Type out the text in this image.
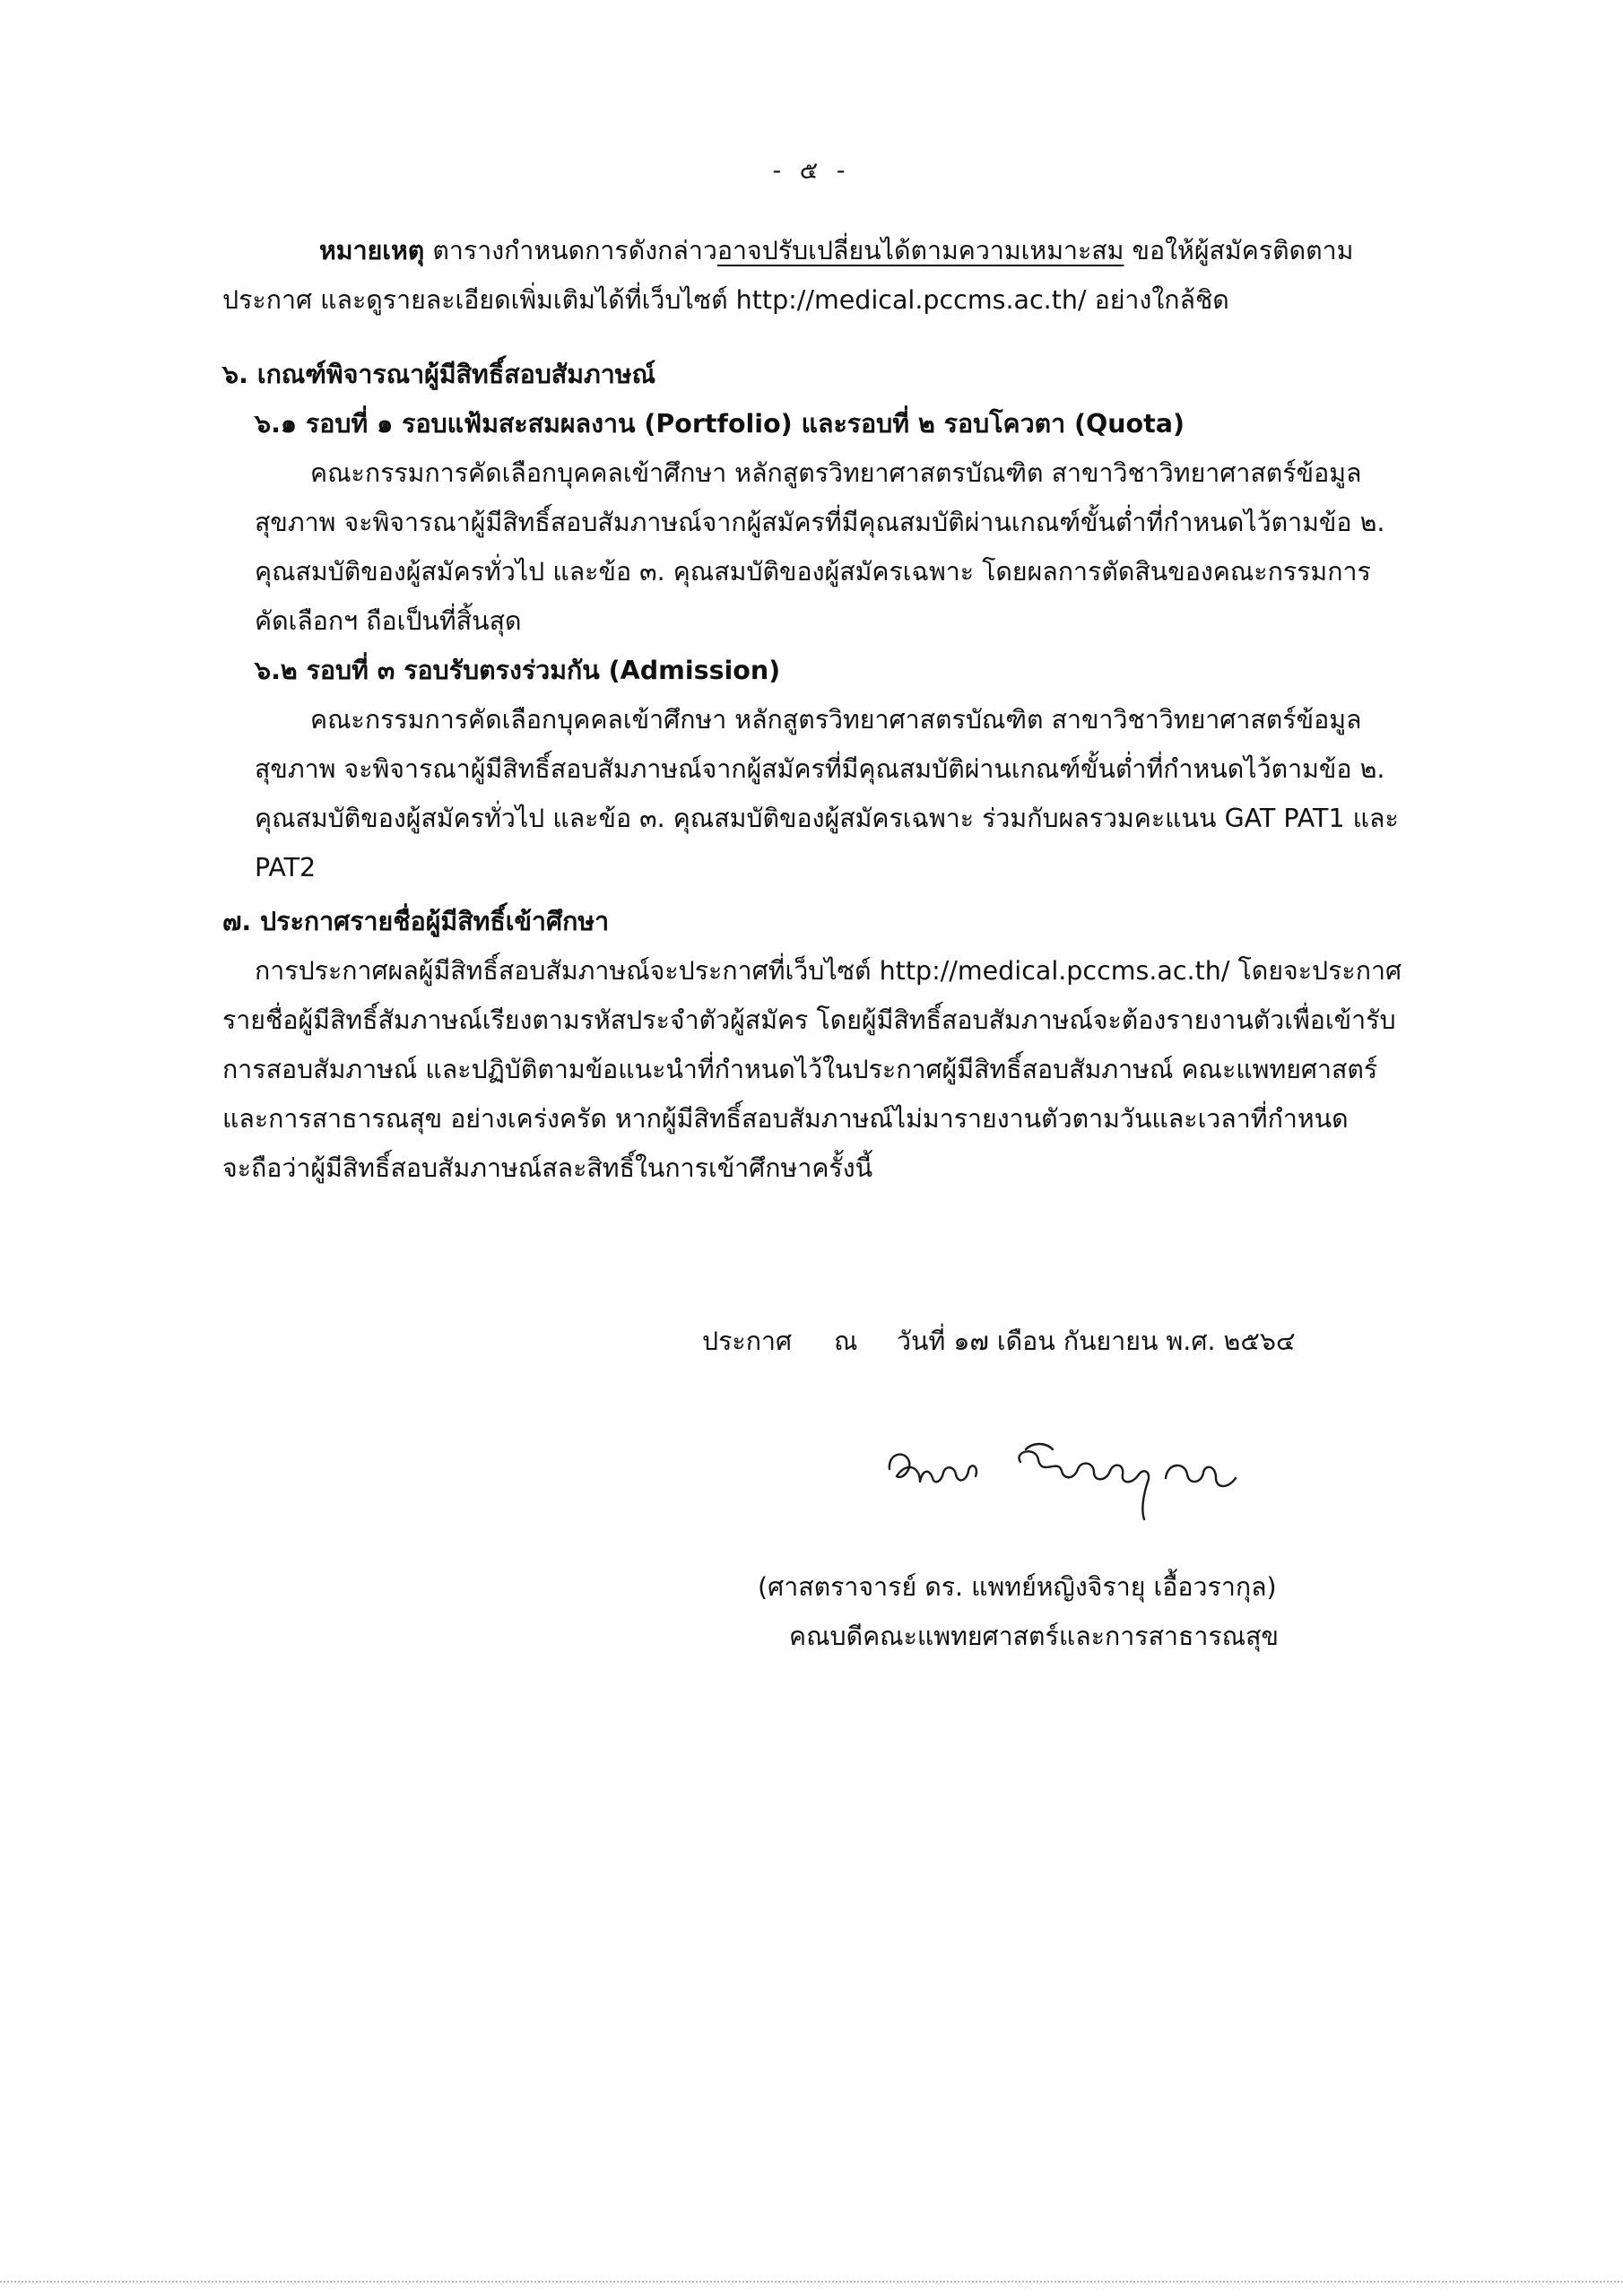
- ๕ -
หมายเหตุ ตารางกำหนดการดังกล่าวอาจปรับเปลี่ยนได้ตามความเหมาะสม ขอให้ผู้สมัครติดตาม
ประกาศ และดูรายละเอียดเพิ่มเติมได้ที่เว็บไซต์ http://medical.pccms.ac.th/ อย่างใกล้ชิด
๖. เกณฑ์พิจารณาผู้มีสิทธิ์สอบสัมภาษณ์
๖.๑ รอบที่ ๑ รอบแฟ้มสะสมผลงาน (Portfolio) และรอบที่ ๒ รอบโควตา (Quota)
คณะกรรมการคัดเลือกบุคคลเข้าศึกษา หลักสูตรวิทยาศาสตรบัณฑิต สาขาวิชาวิทยาศาสตร์ข้อมูล
สุขภาพ จะพิจารณาผู้มีสิทธิ์สอบสัมภาษณ์จากผู้สมัครที่มีคุณสมบัติผ่านเกณฑ์ขั้นต่ำที่กำหนดไว้ตามข้อ ๒.
คุณสมบัติของผู้สมัครทั่วไป และข้อ ๓. คุณสมบัติของผู้สมัครเฉพาะ โดยผลการตัดสินของคณะกรรมการ
คัดเลือกฯ ถือเป็นที่สิ้นสุด
๖.๒ รอบที่ ๓ รอบรับตรงร่วมกัน (Admission)
คณะกรรมการคัดเลือกบุคคลเข้าศึกษา หลักสูตรวิทยาศาสตรบัณฑิต สาขาวิชาวิทยาศาสตร์ข้อมูล
สุขภาพ จะพิจารณาผู้มีสิทธิ์สอบสัมภาษณ์จากผู้สมัครที่มีคุณสมบัติผ่านเกณฑ์ขั้นต่ำที่กำหนดไว้ตามข้อ ๒.
คุณสมบัติของผู้สมัครทั่วไป และข้อ ๓. คุณสมบัติของผู้สมัครเฉพาะ ร่วมกับผลรวมคะแนน GAT PAT1 และ
PAT2
๗. ประกาศรายชื่อผู้มีสิทธิ์เข้าศึกษา
การประกาศผลผู้มีสิทธิ์สอบสัมภาษณ์จะประกาศที่เว็บไซต์ http://medical.pccms.ac.th/ โดยจะประกาศ
รายชื่อผู้มีสิทธิ์สัมภาษณ์เรียงตามรหัสประจำตัวผู้สมัคร โดยผู้มีสิทธิ์สอบสัมภาษณ์จะต้องรายงานตัวเพื่อเข้ารับ
การสอบสัมภาษณ์ และปฏิบัติตามข้อแนะนำที่กำหนดไว้ในประกาศผู้มีสิทธิ์สอบสัมภาษณ์ คณะแพทยศาสตร์
และการสาธารณสุข อย่างเคร่งครัด หากผู้มีสิทธิ์สอบสัมภาษณ์ไม่มารายงานตัวตามวันและเวลาที่กำหนด
จะถือว่าผู้มีสิทธิ์สอบสัมภาษณ์สละสิทธิ์ในการเข้าศึกษาครั้งนี้
ประกาศ ณ วันที่ ๑๗ เดือน กันยายน พ.ศ. ๒๕๖๔
(ศาสตราจารย์ ดร. แพทย์หญิงจิรายุ เอื้อวรากุล)
คณบดีคณะแพทยศาสตร์และการสาธารณสุข
